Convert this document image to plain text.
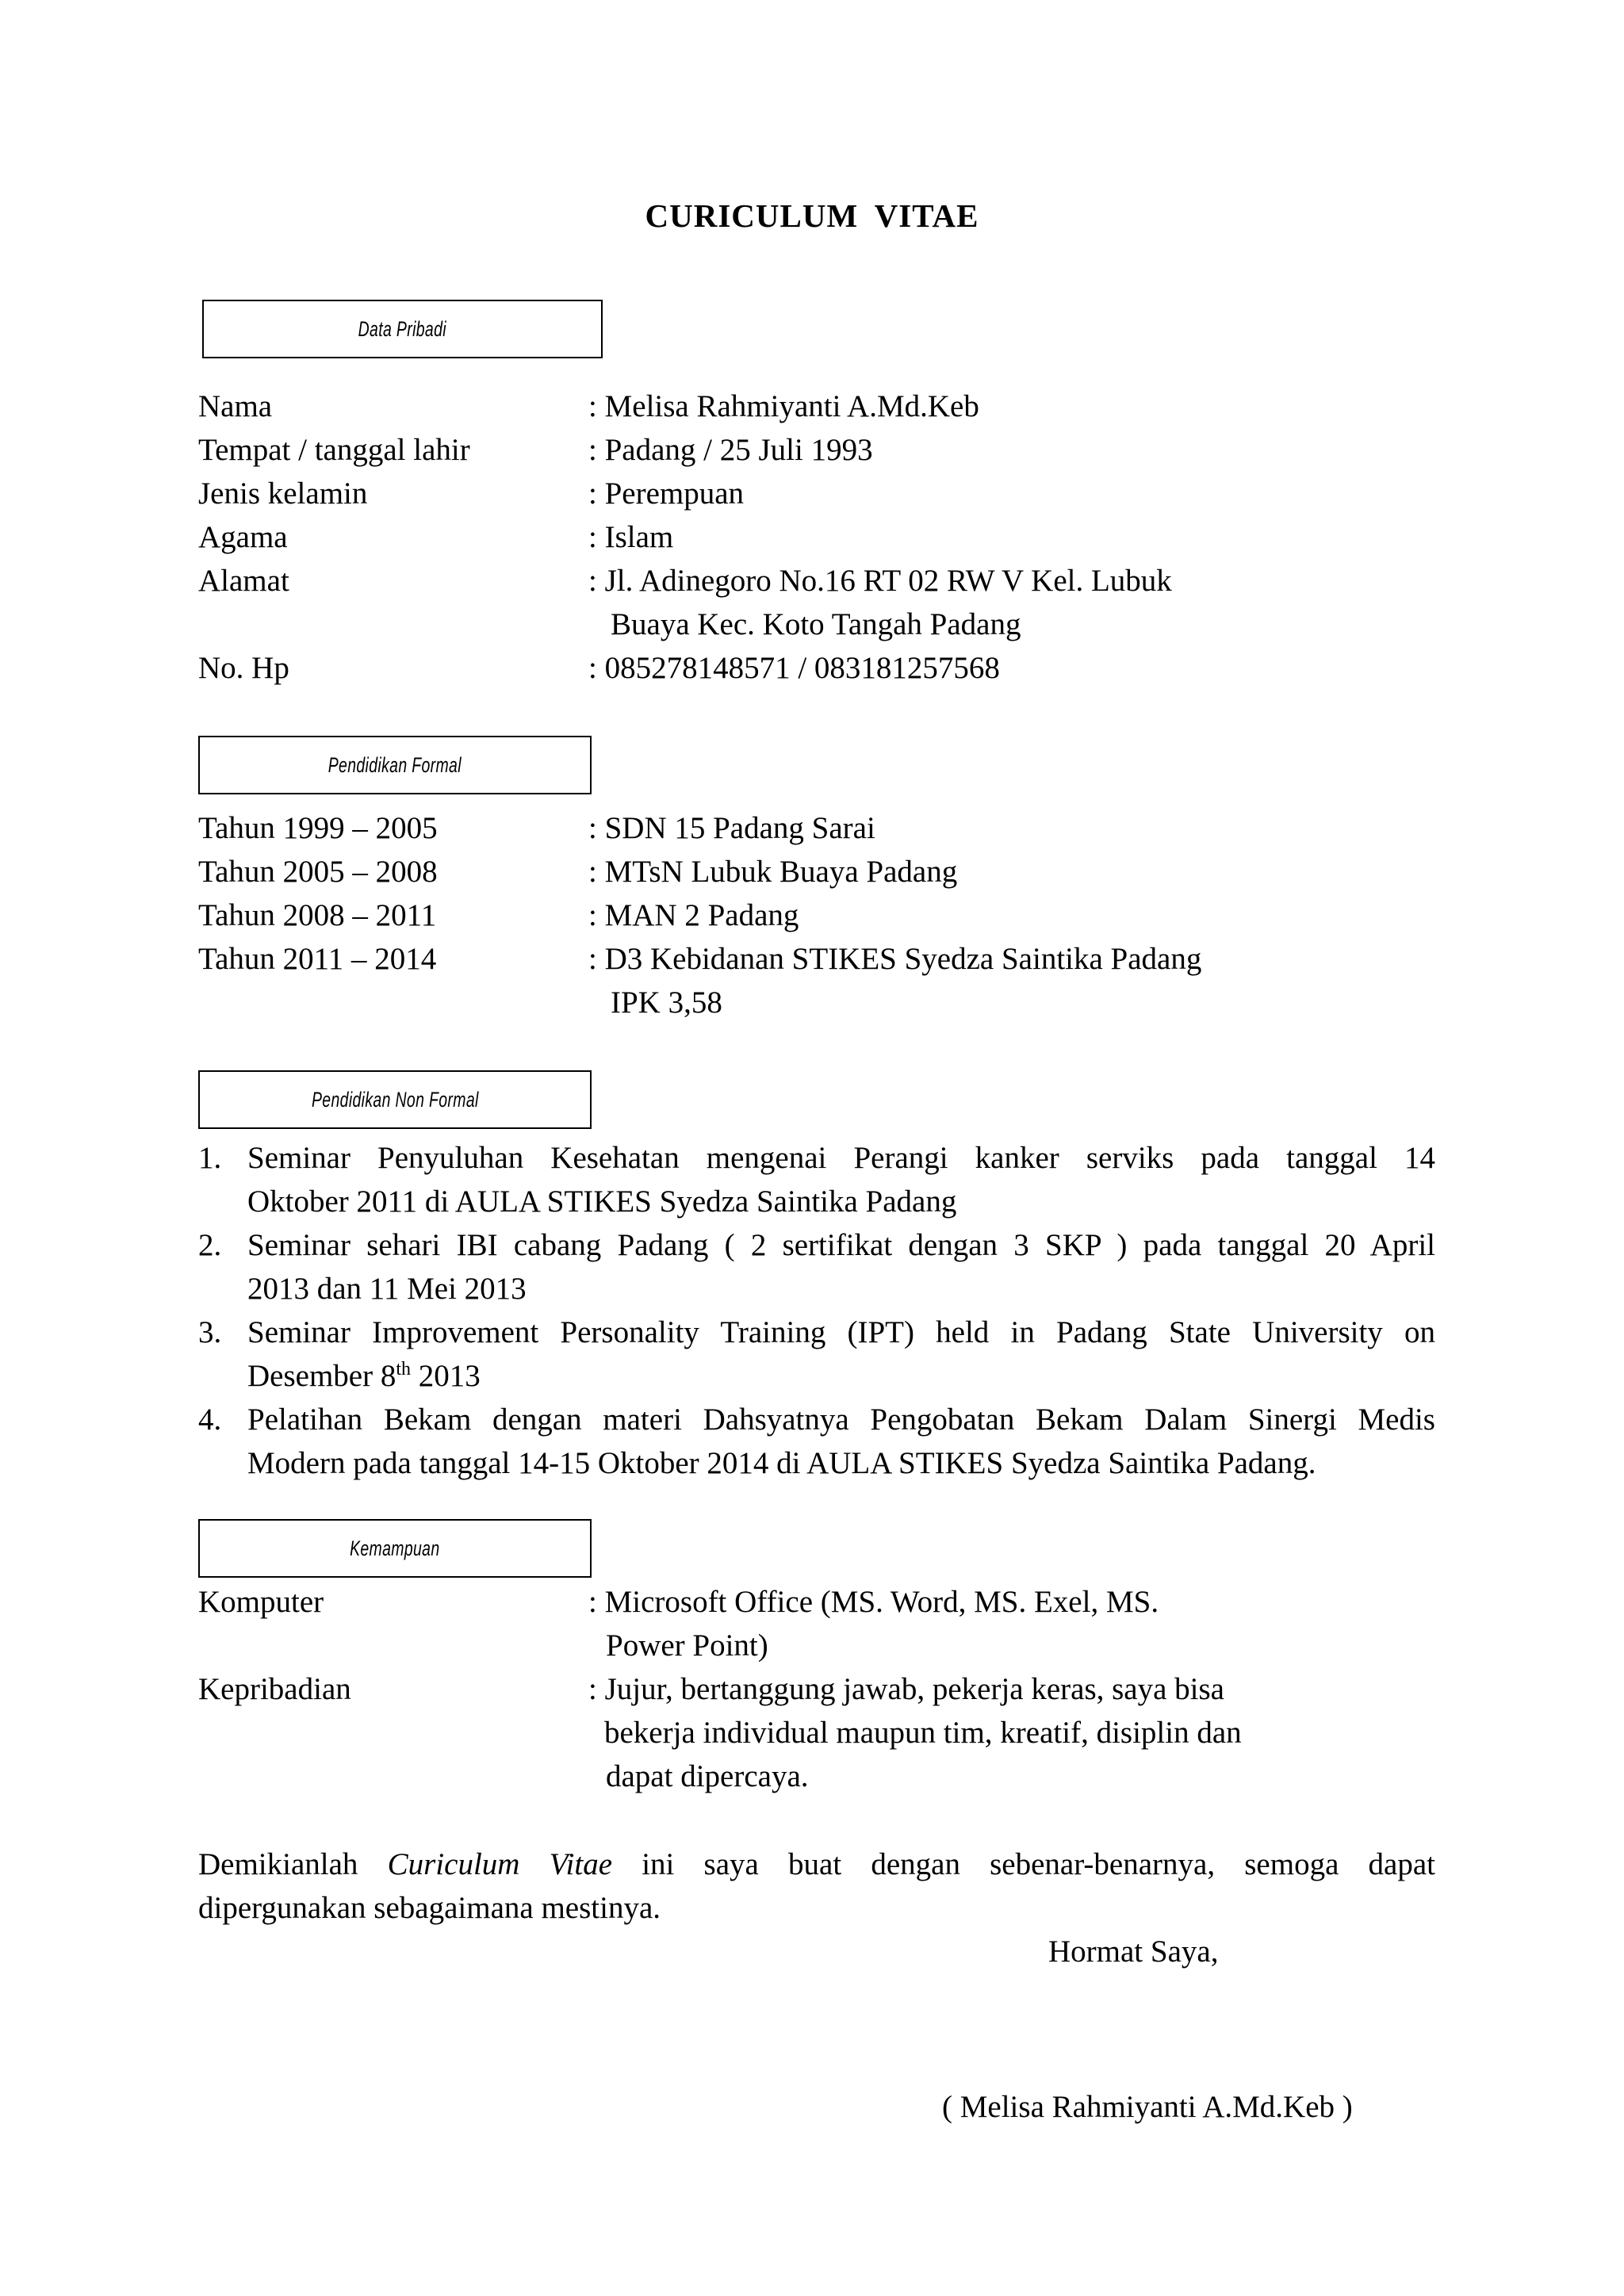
CURICULUM VITAE
Data Pribadi
Nama	: Melisa Rahmiyanti A.Md.Keb
Tempat / tanggal lahir	: Padang / 25 Juli 1993
Jenis kelamin	: Perempuan
Agama	: Islam
Alamat	: Jl. Adinegoro No.16 RT 02 RW V Kel. Lubuk
Buaya Kec. Koto Tangah Padang
No. Hp	: 085278148571 / 083181257568
Pendidikan Formal
Tahun 1999 – 2005	: SDN 15 Padang Sarai
Tahun 2005 – 2008	: MTsN Lubuk Buaya Padang
Tahun 2008 – 2011	: MAN 2 Padang
Tahun 2011 – 2014	: D3 Kebidanan STIKES Syedza Saintika Padang
IPK 3,58
Pendidikan Non Formal
1. Seminar Penyuluhan Kesehatan mengenai Perangi kanker serviks pada tanggal 14
Oktober 2011 di AULA STIKES Syedza Saintika Padang
2. Seminar sehari IBI cabang Padang ( 2 sertifikat dengan 3 SKP ) pada tanggal 20 April
2013 dan 11 Mei 2013
3. Seminar Improvement Personality Training (IPT) held in Padang State University on
Desember 8th 2013
4. Pelatihan Bekam dengan materi Dahsyatnya Pengobatan Bekam Dalam Sinergi Medis
Modern pada tanggal 14-15 Oktober 2014 di AULA STIKES Syedza Saintika Padang.
Kemampuan
Komputer	: Microsoft Office (MS. Word, MS. Exel, MS.
Power Point)
Kepribadian	: Jujur, bertanggung jawab, pekerja keras, saya bisa
bekerja individual maupun tim, kreatif, disiplin dan
dapat dipercaya.
Demikianlah Curiculum Vitae ini saya buat dengan sebenar-benarnya, semoga dapat
dipergunakan sebagaimana mestinya.
Hormat Saya,
( Melisa Rahmiyanti A.Md.Keb )
